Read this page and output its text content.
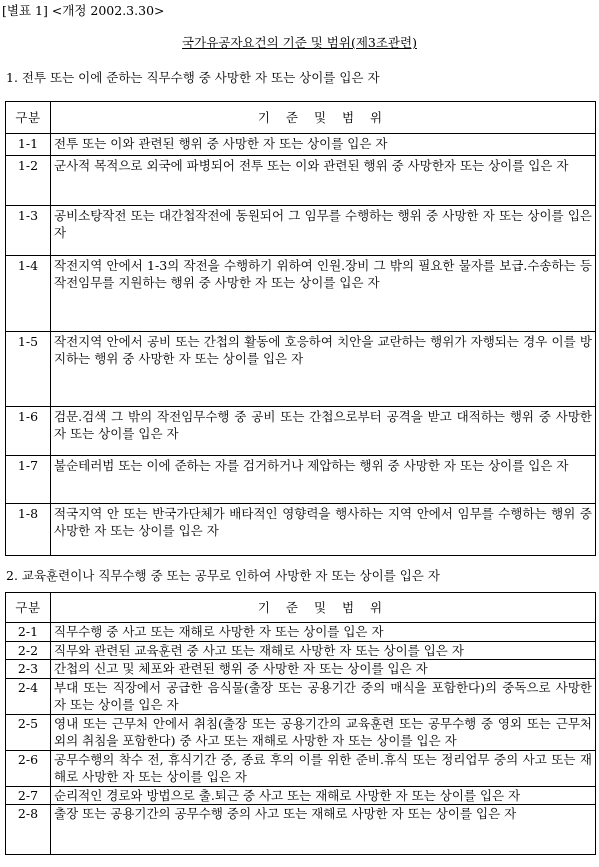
[별표 1] <개정 2002.3.30>
국가유공자요건의 기준 및 범위(제3조관련)
1. 전투 또는 이에 준하는 직무수행 중 사망한 자 또는 상이를 입은 자
구분	기 준 및 범 위
1-1	전투 또는 이와 관련된 행위 중 사망한 자 또는 상이를 입은 자
1-2	군사적 목적으로 외국에 파병되어 전투 또는 이와 관련된 행위 중 사망한자 또는 상이를 입은 자
1-3	공비소탕작전 또는 대간첩작전에 동원되어 그 임무를 수행하는 행위 중 사망한 자 또는 상이를 입은 자
1-4	작전지역 안에서 1-3의 작전을 수행하기 위하여 인원.장비 그 밖의 필요한 물자를 보급.수송하는 등 작전임무를 지원하는 행위 중 사망한 자 또는 상이를 입은 자
1-5	작전지역 안에서 공비 또는 간첩의 활동에 호응하여 치안을 교란하는 행위가 자행되는 경우 이를 방지하는 행위 중 사망한 자 또는 상이를 입은 자
1-6	검문.검색 그 밖의 작전임무수행 중 공비 또는 간첩으로부터 공격을 받고 대적하는 행위 중 사망한 자 또는 상이를 입은 자
1-7	불순테러범 또는 이에 준하는 자를 검거하거나 제압하는 행위 중 사망한 자 또는 상이를 입은 자
1-8	적국지역 안 또는 반국가단체가 배타적인 영향력을 행사하는 지역 안에서 임무를 수행하는 행위 중 사망한 자 또는 상이를 입은 자
2. 교육훈련이나 직무수행 중 또는 공무로 인하여 사망한 자 또는 상이를 입은 자
구분	기 준 및 범 위
2-1	직무수행 중 사고 또는 재해로 사망한 자 또는 상이를 입은 자
2-2	직무와 관련된 교육훈련 중 사고 또는 재해로 사망한 자 또는 상이를 입은 자
2-3	간첩의 신고 및 체포와 관련된 행위 중 사망한 자 또는 상이를 입은 자
2-4	부대 또는 직장에서 공급한 음식물(출장 또는 공용기간 중의 매식을 포함한다)의 중독으로 사망한 자 또는 상이를 입은 자
2-5	영내 또는 근무처 안에서 취침(출장 또는 공용기간의 교육훈련 또는 공무수행 중 영외 또는 근무처 외의 취침을 포함한다) 중 사고 또는 재해로 사망한 자 또는 상이를 입은 자
2-6	공무수행의 착수 전, 휴식기간 중, 종료 후의 이를 위한 준비.휴식 또는 정리업무 중의 사고 또는 재해로 사망한 자 또는 상이를 입은 자
2-7	순리적인 경로와 방법으로 출.퇴근 중 사고 또는 재해로 사망한 자 또는 상이를 입은 자
2-8	출장 또는 공용기간의 공무수행 중의 사고 또는 재해로 사망한 자 또는 상이를 입은 자
